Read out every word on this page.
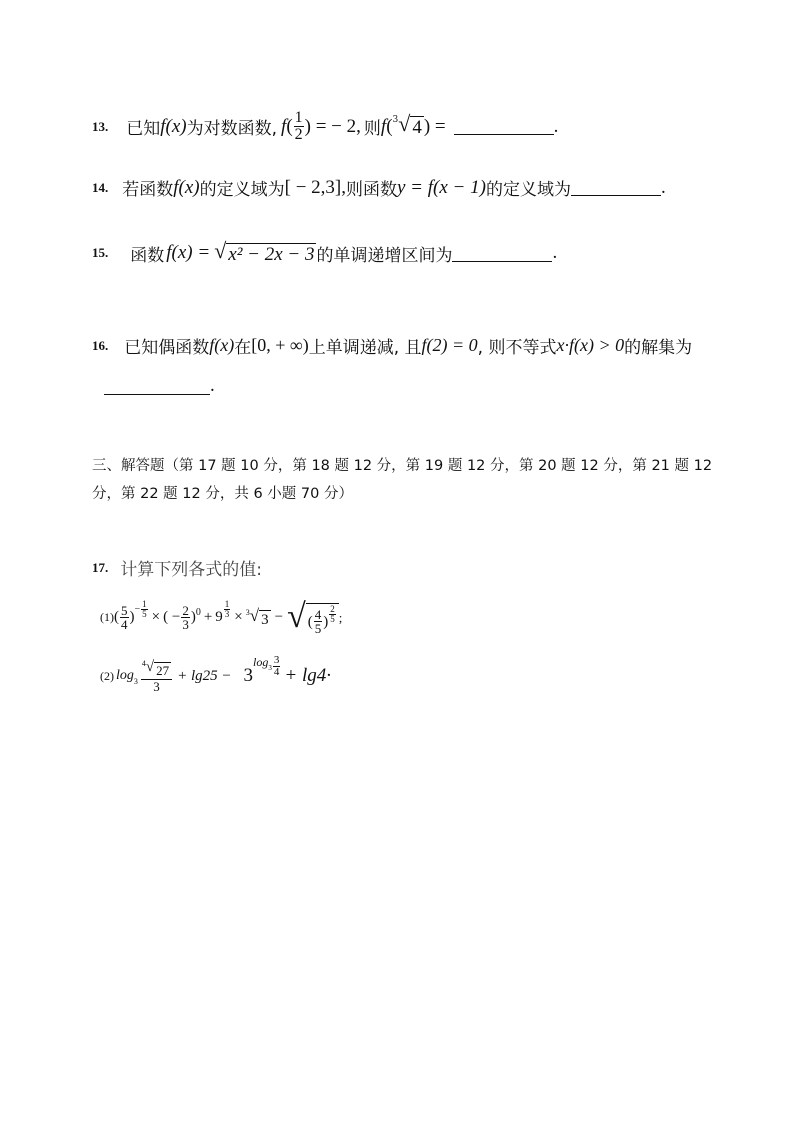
13. 已知 f (x) 为对数函数, f ( $\frac{1}{2}$ ) = − 2, 则 f ( 3 √ 4 ) =	.
14. 若函数 f(x) 的定义域为 [ − 2,3], 则函数 y = f(x − 1) 的定义域为	.
15. 函数 f(x) = √ x² − 2x − 3 的单调递增区间为	.
16. 已知偶函数 f(x) 在 [0, + ∞) 上单调递减, 且 f(2) = 0 , 则不等式 x·f(x) > 0 的解集为
.
三、解答题（第 17 题 10 分，第 18 题 12 分，第 19 题 12 分，第 20 题 12 分，第 21 题 12
分，第 22 题 12 分，共 6 小题 70 分）
17. 计算下列各式的值:
(1) ( $\frac{5}{4}$ ) − $\frac{1}{5}$ × ( − $\frac{2}{3}$ ) $0 + 9 \frac{1}{3} \times 3$ √ 3 − √ ( $\frac{4}{5}$ ) $\frac{2}{5}$ ;
(2) $\log 3 \frac{4 √ 27}{3} + \lg 25 - 3$
$\log 3 \frac{3}{4} + \lg 4\cdot$
